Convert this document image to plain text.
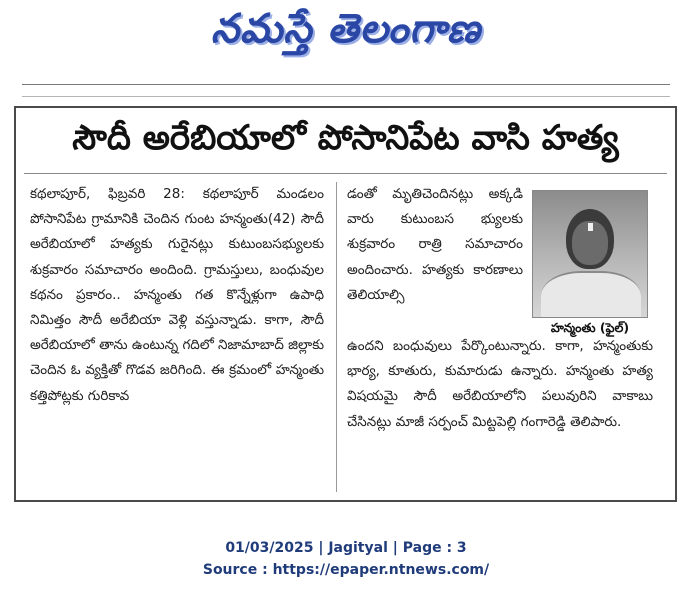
నమస్తే తెలంగాణ
సౌదీ అరేబియాలో పోసానిపేట వాసి హత్య
కథలాపూర్, ఫిబ్రవరి 28: కథలాపూర్ మండలం పోసానిపేట గ్రామానికి చెందిన గుంట హన్మంతు(42) సౌదీ అరేబియాలో హత్యకు గురైనట్లు కుటుంబసభ్యులకు శుక్రవారం సమాచారం అందింది. గ్రామస్తులు, బంధువుల కథనం ప్రకారం.. హన్మంతు గత కొన్నేళ్లుగా ఉపాధి నిమిత్తం సౌదీ అరేబియా వెళ్లి వస్తున్నాడు. కాగా, సౌదీ అరేబియాలో తాను ఉంటున్న గదిలో నిజామాబాద్ జిల్లాకు చెందిన ఓ వ్యక్తితో గొడవ జరిగింది. ఈ క్రమంలో హన్మంతు కత్తిపోట్లకు గురికావ
డంతో మృతిచెందినట్లు అక్కడి వారు కుటుంబస భ్యులకు శుక్రవారం రాత్రి సమాచారం అందించారు. హత్యకు కారణాలు తెలియాల్సి
హన్మంతు (ఫైల్)
ఉందని బంధువులు పేర్కొంటున్నారు. కాగా, హన్మంతుకు భార్య, కూతురు, కుమారుడు ఉన్నారు. హన్మంతు హత్య విషయమై సౌదీ అరేబియాలోని పలువురిని వాకాబు చేసినట్లు మాజీ సర్పంచ్ మిట్టపెల్లి గంగారెడ్డి తెలిపారు.
01/03/2025 | Jagityal | Page : 3
Source : https://epaper.ntnews.com/
